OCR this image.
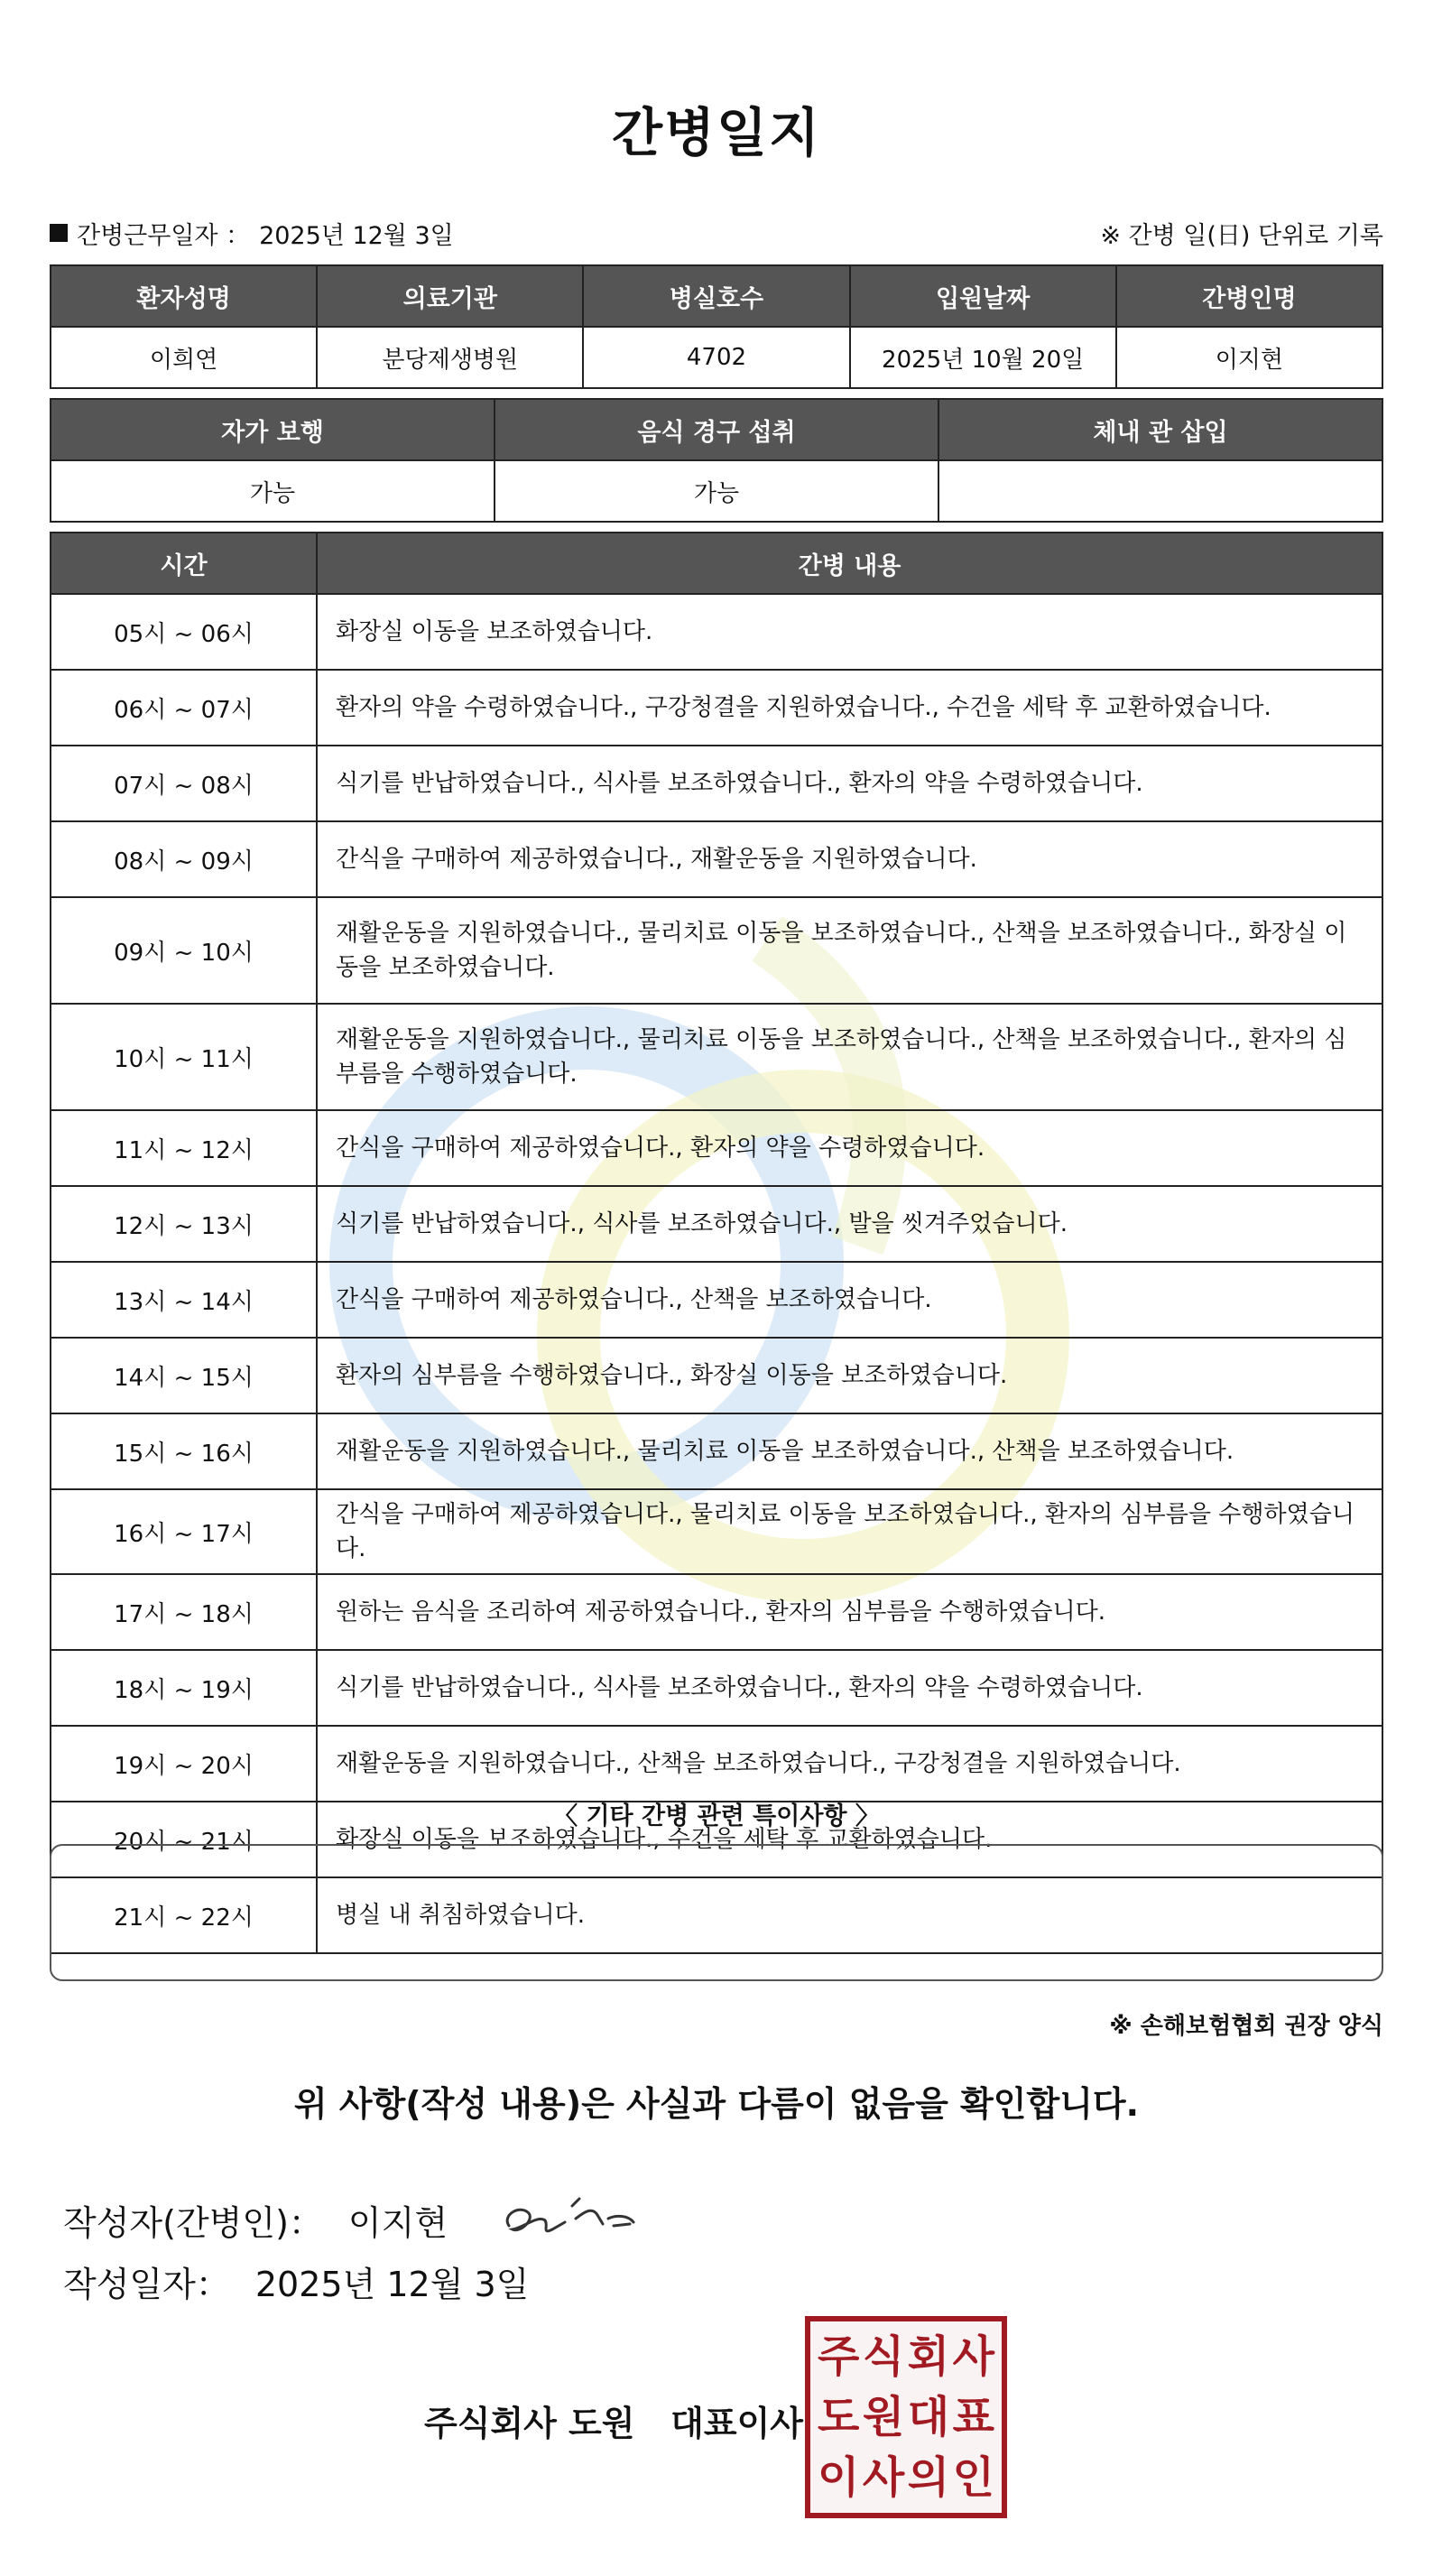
간병일지
간병근무일자 ： 2025년 12월 3일	※ 간병 일(日) 단위로 기록
환자성명	의료기관	병실호수	입원날짜	간병인명
이희연	분당제생병원	4702	2025년 10월 20일	이지현
자가 보행	음식 경구 섭취	체내 관 삽입
가능	가능	
시간	간병 내용
05시 ~ 06시	화장실 이동을 보조하였습니다.
06시 ~ 07시	환자의 약을 수령하였습니다., 구강청결을 지원하였습니다., 수건을 세탁 후 교환하였습니다.
07시 ~ 08시	식기를 반납하였습니다., 식사를 보조하였습니다., 환자의 약을 수령하였습니다.
08시 ~ 09시	간식을 구매하여 제공하였습니다., 재활운동을 지원하였습니다.
09시 ~ 10시	재활운동을 지원하였습니다., 물리치료 이동을 보조하였습니다., 산책을 보조하였습니다., 화장실 이동을 보조하였습니다.
10시 ~ 11시	재활운동을 지원하였습니다., 물리치료 이동을 보조하였습니다., 산책을 보조하였습니다., 환자의 심부름을 수행하였습니다.
11시 ~ 12시	간식을 구매하여 제공하였습니다., 환자의 약을 수령하였습니다.
12시 ~ 13시	식기를 반납하였습니다., 식사를 보조하였습니다., 발을 씻겨주었습니다.
13시 ~ 14시	간식을 구매하여 제공하였습니다., 산책을 보조하였습니다.
14시 ~ 15시	환자의 심부름을 수행하였습니다., 화장실 이동을 보조하였습니다.
15시 ~ 16시	재활운동을 지원하였습니다., 물리치료 이동을 보조하였습니다., 산책을 보조하였습니다.
16시 ~ 17시	간식을 구매하여 제공하였습니다., 물리치료 이동을 보조하였습니다., 환자의 심부름을 수행하였습니다.
17시 ~ 18시	원하는 음식을 조리하여 제공하였습니다., 환자의 심부름을 수행하였습니다.
18시 ~ 19시	식기를 반납하였습니다., 식사를 보조하였습니다., 환자의 약을 수령하였습니다.
19시 ~ 20시	재활운동을 지원하였습니다., 산책을 보조하였습니다., 구강청결을 지원하였습니다.
20시 ~ 21시	화장실 이동을 보조하였습니다., 수건을 세탁 후 교환하였습니다.
21시 ~ 22시	병실 내 취침하였습니다.
〈 기타 간병 관련 특이사항 〉
※ 손해보험협회 권장 양식
위 사항(작성 내용)은 사실과 다름이 없음을 확인합니다.
작성자(간병인)： 이지현
작성일자： 2025년 12월 3일
주식회사 도원   대표이사
주 식 회 사
도 원 대 표
이 사 의 인
